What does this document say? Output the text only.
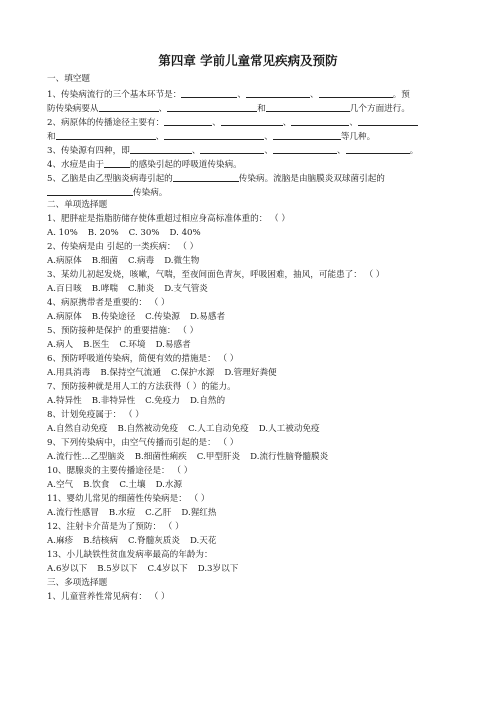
第四章 学前儿童常见疾病及预防
一、填空题
1、传染病流行的三个基本环节是：	、	、	。预
防传染病要从	、	和	几个方面进行。
2、病原体的传播途径主要有：	、	、	、
和	、	、	等几种。
3、传染源有四种，即	、	、	、	。
4、水痘是由于	的感染引起的呼吸道传染病。
5、乙脑是由乙型脑炎病毒引起的	传染病。流脑是由脑膜炎双球菌引起的
传染病。
二、单项选择题
1、肥胖症是指脂肪储存使体重超过相应身高标准体重的： （ ）
A. 10% B. 20% C. 30% D. 40%
2、传染病是由 引起的一类疾病： （ ）
A.病原体 B.细菌 C.病毒 D.微生物
3、某幼儿初起发烧，咳嗽，气喘，至夜间面色青灰，呼吸困难，抽风，可能患了： （ ）
A.百日咳 B.哮喘 C.肺炎 D.支气管炎
4、病原携带者是重要的： （ ）
A.病原体 B.传染途径 C.传染源 D.易感者
5、预防接种是保护 的重要措施： （ ）
A.病人 B.医生 C.环境 D.易感者
6、预防呼吸道传染病，简便有效的措施是： （ ）
A.用具消毒 B.保持空气流通 C.保护水源 D.管理好粪便
7、预防接种就是用人工的方法获得（ ）的能力。
A.特异性 B.非特异性 C.免疫力 D.自然的
8、计划免疫属于： （ ）
A.自然自动免疫 B.自然被动免疫 C.人工自动免疫 D.人工被动免疫
9、下列传染病中，由空气传播而引起的是： （ ）
A.流行性…乙型脑炎 B.细菌性痢疾 C.甲型肝炎 D.流行性脑脊髓膜炎
10、腮腺炎的主要传播途径是： （ ）
A.空气 B.饮食 C.土壤 D.水源
11、婴幼儿常见的细菌性传染病是： （ ）
A.流行性感冒 B.水痘 C.乙肝 D.猩红热
12、注射卡介苗是为了预防： （ ）
A.麻疹 B.结核病 C.脊髓灰质炎 D.天花
13、小儿缺铁性贫血发病率最高的年龄为：
A.6岁以下 B.5岁以下 C.4岁以下 D.3岁以下
三、多项选择题
1、儿童营养性常见病有： （ ）
